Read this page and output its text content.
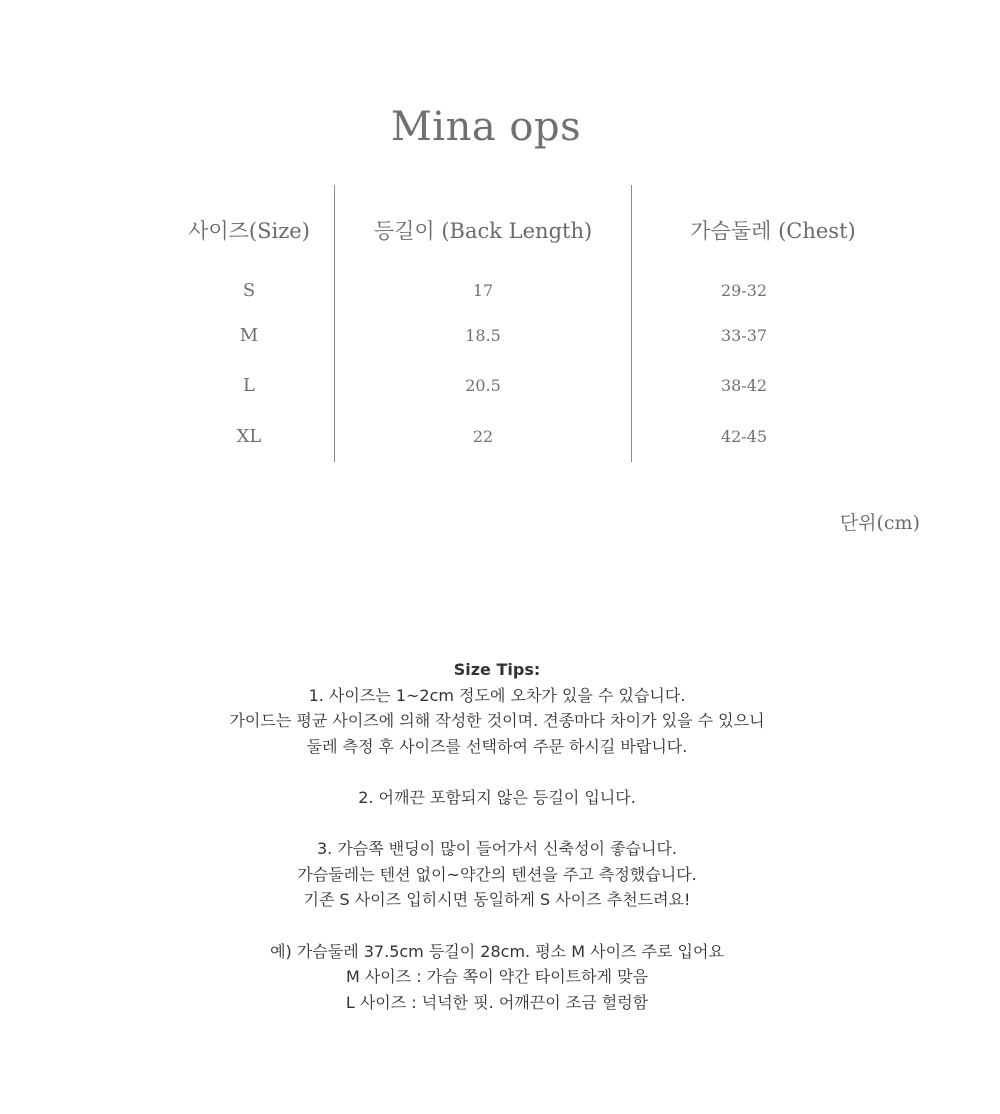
Mina ops
사이즈(Size)	등길이 (Back Length)	가슴둘레 (Chest)
S	17	29-32
M	18.5	33-37
L	20.5	38-42
XL	22	42-45
단위(cm)
Size Tips:
1. 사이즈는 1~2cm 정도에 오차가 있을 수 있습니다.
가이드는 평균 사이즈에 의해 작성한 것이며. 견종마다 차이가 있을 수 있으니
둘레 측정 후 사이즈를 선택하여 주문 하시길 바랍니다.
2. 어깨끈 포함되지 않은 등길이 입니다.
3. 가슴쪽 밴딩이 많이 들어가서 신축성이 좋습니다.
가슴둘레는 텐션 없이~약간의 텐션을 주고 측정했습니다.
기존 S 사이즈 입히시면 동일하게 S 사이즈 추천드려요!
예) 가슴둘레 37.5cm 등길이 28cm. 평소 M 사이즈 주로 입어요
M 사이즈 : 가슴 쪽이 약간 타이트하게 맞음
L 사이즈 : 넉넉한 핏. 어깨끈이 조금 헐렁함
